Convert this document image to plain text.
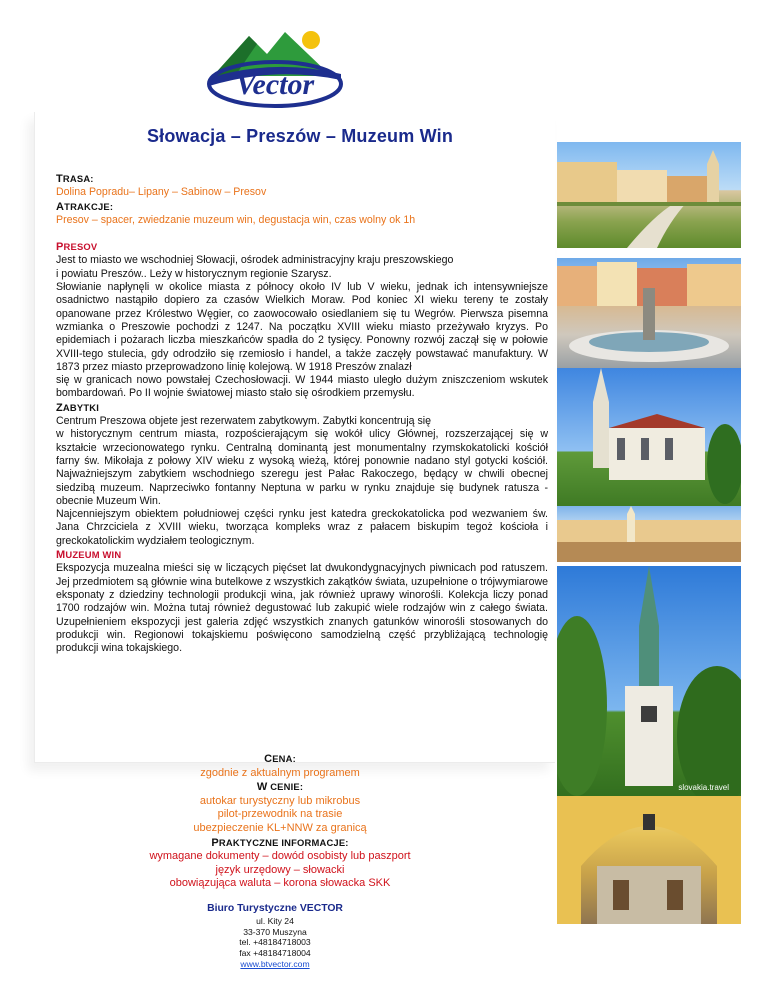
Vector
Słowacja – Preszów – Muzeum Win
TRASA:
Dolina Popradu– Lipany – Sabinow – Presov
ATRAKCJE:
Presov – spacer, zwiedzanie muzeum win, degustacja win, czas wolny ok 1h
PRESOV
Jest to miasto we wschodniej Słowacji, ośrodek administracyjny kraju preszowskiego
i powiatu Preszów.. Leży w historycznym regionie Szarysz.
Słowianie napłynęli w okolice miasta z północy około IV lub V wieku, jednak ich intensywniejsze osadnictwo nastąpiło dopiero za czasów Wielkich Moraw. Pod koniec XI wieku tereny te zostały opanowane przez Królestwo Węgier, co zaowocowało osiedlaniem się tu Wegrów. Pierwsza pisemna wzmianka o Preszowie pochodzi z 1247. Na początku XVIII wieku miasto przeżywało kryzys. Po epidemiach i pożarach liczba mieszkańców spadła do 2 tysięcy. Ponowny rozwój zaczął się w połowie XVIII-tego stulecia, gdy odrodziło się rzemiosło i handel, a także zaczęły powstawać manufaktury. W 1873 przez miasto przeprowadzono linię kolejową. W 1918 Preszów znalazł
się w granicach nowo powstałej Czechosłowacji. W 1944 miasto uległo dużym zniszczeniom wskutek bombardowań. Po II wojnie światowej miasto stało się ośrodkiem przemysłu.
ZABYTKI
Centrum Preszowa objete jest rezerwatem zabytkowym. Zabytki koncentrują się
w historycznym centrum miasta, rozpościerającym się wokół ulicy Głównej, rozszerzającej się w kształcie wrzecionowatego rynku. Centralną dominantą jest monumentalny rzymskokatolicki kościół farny św. Mikołaja z połowy XIV wieku z wysoką wieżą, której ponownie nadano styl gotycki kościół. Najważniejszym zabytkiem wschodniego szeregu jest Pałac Rakoczego, będący w chwili obecnej siedzibą muzeum. Naprzeciwko fontanny Neptuna w parku w rynku znajduje się budynek ratusza - obecnie Muzeum Win.
Najcenniejszym obiektem południowej części rynku jest katedra greckokatolicka pod wezwaniem św. Jana Chrzciciela z XVIII wieku, tworząca kompleks wraz z pałacem biskupim tegoż kościoła i greckokatolickim wydziałem teologicznym.
MUZEUM WIN
Ekspozycja muzealna mieści się w liczących pięćset lat dwukondygnacyjnych piwnicach pod ratuszem. Jej przedmiotem są głównie wina butelkowe z wszystkich zakątków świata, uzupełnione o trójwymiarowe eksponaty z dziedziny technologii produkcji wina, jak również uprawy winorośli. Kolekcja liczy ponad 1700 rodzajów win. Można tutaj również degustować lub zakupić wiele rodzajów win z całego świata. Uzupełnieniem ekspozycji jest galeria zdjęć wszystkich znanych gatunków winorośli stosowanych do produkcji win. Regionowi tokajskiemu poświęcono samodzielną część przybliżającą technologię produkcji wina tokajskiego.
CENA:
zgodnie z aktualnym programem
W CENIE:
autokar turystyczny lub mikrobus
pilot-przewodnik na trasie
ubezpieczenie KL+NNW za granicą
PRAKTYCZNE INFORMACJE:
wymagane dokumenty – dowód osobisty lub paszport
język urzędowy – słowacki
obowiązująca waluta – korona słowacka SKK
Biuro Turystyczne VECTOR
ul. Kity 24
33-370 Muszyna
tel. +48184718003
fax +48184718004
www.btvector.com
slovakia.travel
